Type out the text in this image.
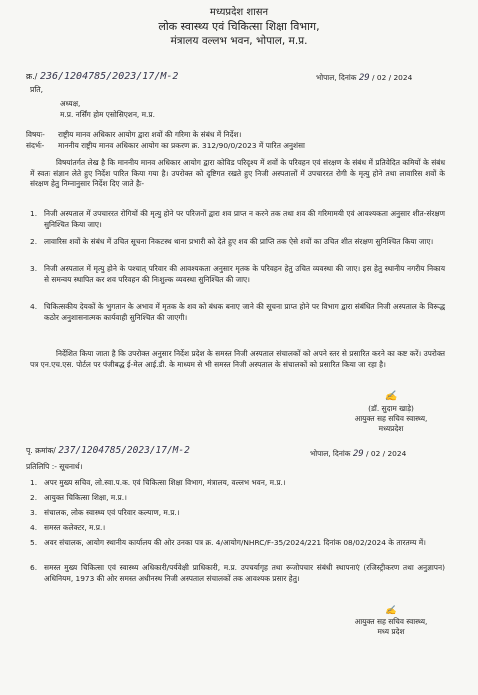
मध्यप्रदेश शासन
लोक स्वास्थ्य एवं चिकित्सा शिक्षा विभाग,
मंत्रालय वल्लभ भवन, भोपाल, म.प्र.
क्र./ 236/1204785/2023/17/M-2
प्रति,
भोपाल, दिनांक 29 / 02 / 2024
अध्यक्ष,
म.प्र. नर्सिंग होम एसोसिएशन, म.प्र.
विषयः- राष्ट्रीय मानव अधिकार आयोग द्वारा शवों की गरिमा के संबंध में निर्देश।
संदर्भः- माननीय राष्ट्रीय मानव अधिकार आयोग का प्रकरण क्र. 312/90/0/2023 में पारित अनुशंसा
विषयांतर्गत लेख है कि माननीय मानव अधिकार आयोग द्वारा कोविड परिदृश्य में शवों के परिवहन एवं संरक्षण के संबंध में प्रतिवेदित कमियों के संबंध में स्वतः संज्ञान लेते हुए निर्देश पारित किया गया है। उपरोक्त को दृष्टिगत रखते हुए निजी अस्पतालों में उपचाररत रोगी के मृत्यु होने तथा लावारिस शवों के संरक्षण हेतु निम्नानुसार निर्देश दिए जाते हैः-
1. निजी अस्पताल में उपचाररत रोगियों की मृत्यु होने पर परिजनों द्वारा शव प्राप्त न करने तक तथा शव की गरिमामयी एवं आवश्यकता अनुसार शीत-संरक्षण सुनिश्चित किया जाए।
2. लावारिस शवों के संबंध में उचित सूचना निकटस्थ थाना प्रभारी को देते हुए शव की प्राप्ति तक ऐसे शवों का उचित शीत संरक्षण सुनिश्चित किया जाए।
3. निजी अस्पताल में मृत्यु होने के पश्चात् परिवार की आवश्यकता अनुसार मृतक के परिवहन हेतु उचित व्यवस्था की जाए। इस हेतु स्थानीय नगरीय निकाय से समन्वय स्थापित कर शव परिवहन की निःशुल्क व्यवस्था सुनिश्चित की जाए।
4. चिकित्सकीय देयकों के भुगतान के अभाव में मृतक के शव को बंधक बनाए जाने की सूचना प्राप्त होने पर विभाग द्वारा संबंधित निजी अस्पताल के विरूद्ध कठोर अनुशासनात्मक कार्यवाही सुनिश्चित की जाएगी।
निर्देशित किया जाता है कि उपरोक्त अनुसार निर्देश प्रदेश के समस्त निजी अस्पताल संचालकों को अपने स्तर से प्रसारित करने का कष्ट करें। उपरोक्त पत्र एन.एच.एस. पोर्टल पर पंजीबद्ध ई-मेल आई.डी. के माध्यम से भी समस्त निजी अस्पताल के संचालकों को प्रसारित किया जा रहा है।
✍
(डॉ. सुदाम खाड़े)
आयुक्त सह सचिव स्वास्थ्य,
मध्यप्रदेश
भोपाल, दिनांक 29 / 02 / 2024
पृ. क्रमांक/ 237/1204785/2023/17/M-2
प्रतिलिपि :- सूचनार्थ।
1. अपर मुख्य सचिव, लो.स्वा.प.क. एवं चिकित्सा शिक्षा विभाग, मंत्रालय, वल्लभ भवन, म.प्र.।
2. आयुक्त चिकित्सा शिक्षा, म.प्र.।
3. संचालक, लोक स्वास्थ्य एवं परिवार कल्याण, म.प्र.।
4. समस्त कलेक्टर, म.प्र.।
5. अवर संचालक, आयोग स्थानीय कार्यालय की ओर उनका पत्र क्र. 4/आयोग/NHRC/F-35/2024/221 दिनांक 08/02/2024 के तारतम्य में।
6. समस्त मुख्य चिकित्सा एवं स्वास्थ्य अधिकारी/पर्यवेक्षी प्राधिकारी, म.प्र. उपचर्यागृह तथा रूजोपचार संबंधी स्थापनाएं (रजिस्ट्रीकरण तथा अनुज्ञापन) अधिनियम, 1973 की ओर समस्त अधीनस्थ निजी अस्पताल संचालकों तक आवश्यक प्रसार हेतु।
✍
आयुक्त सह सचिव स्वास्थ्य,
मध्य प्रदेश
